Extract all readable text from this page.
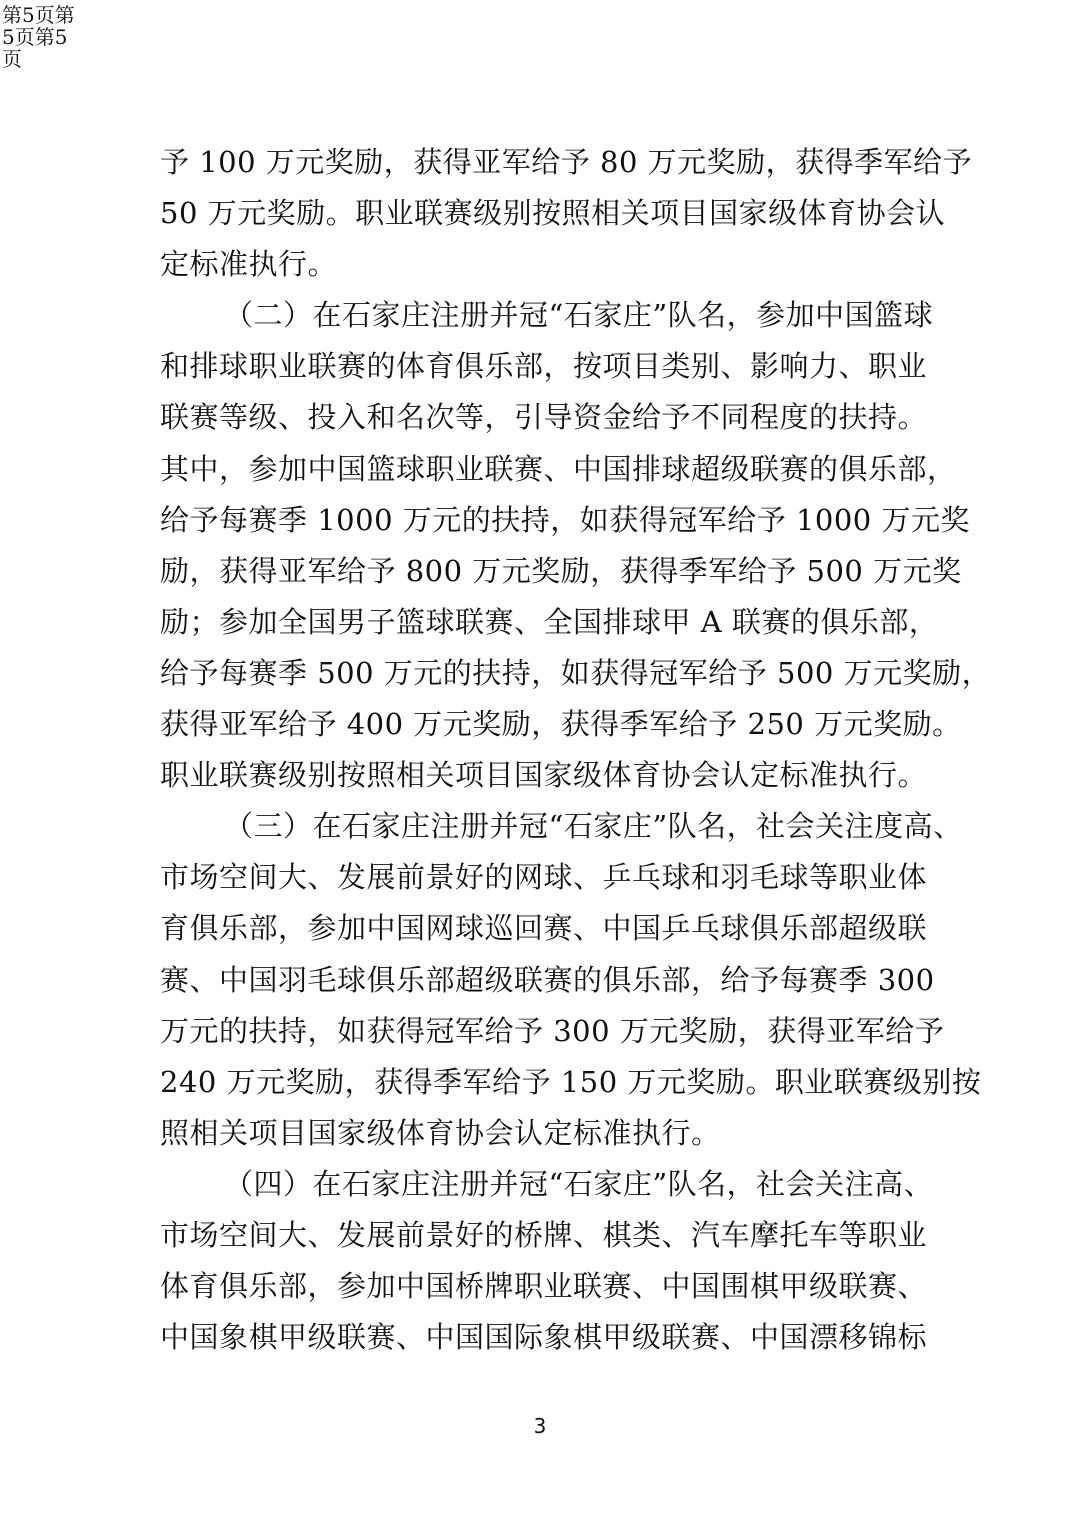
第5页第5页第5页
予 100 万元奖励，获得亚军给予 80 万元奖励，获得季军给予
50 万元奖励。职业联赛级别按照相关项目国家级体育协会认
定标准执行。
（二）在石家庄注册并冠“石家庄”队名，参加中国篮球
和排球职业联赛的体育俱乐部，按项目类别、影响力、职业
联赛等级、投入和名次等，引导资金给予不同程度的扶持。
其中，参加中国篮球职业联赛、中国排球超级联赛的俱乐部，
给予每赛季 1000 万元的扶持，如获得冠军给予 1000 万元奖
励，获得亚军给予 800 万元奖励，获得季军给予 500 万元奖
励；参加全国男子篮球联赛、全国排球甲 A 联赛的俱乐部，
给予每赛季 500 万元的扶持，如获得冠军给予 500 万元奖励，
获得亚军给予 400 万元奖励，获得季军给予 250 万元奖励。
职业联赛级别按照相关项目国家级体育协会认定标准执行。
（三）在石家庄注册并冠“石家庄”队名，社会关注度高、
市场空间大、发展前景好的网球、乒乓球和羽毛球等职业体
育俱乐部，参加中国网球巡回赛、中国乒乓球俱乐部超级联
赛、中国羽毛球俱乐部超级联赛的俱乐部，给予每赛季 300
万元的扶持，如获得冠军给予 300 万元奖励，获得亚军给予
240 万元奖励，获得季军给予 150 万元奖励。职业联赛级别按
照相关项目国家级体育协会认定标准执行。
（四）在石家庄注册并冠“石家庄”队名，社会关注高、
市场空间大、发展前景好的桥牌、棋类、汽车摩托车等职业
体育俱乐部，参加中国桥牌职业联赛、中国围棋甲级联赛、
中国象棋甲级联赛、中国国际象棋甲级联赛、中国漂移锦标
3
